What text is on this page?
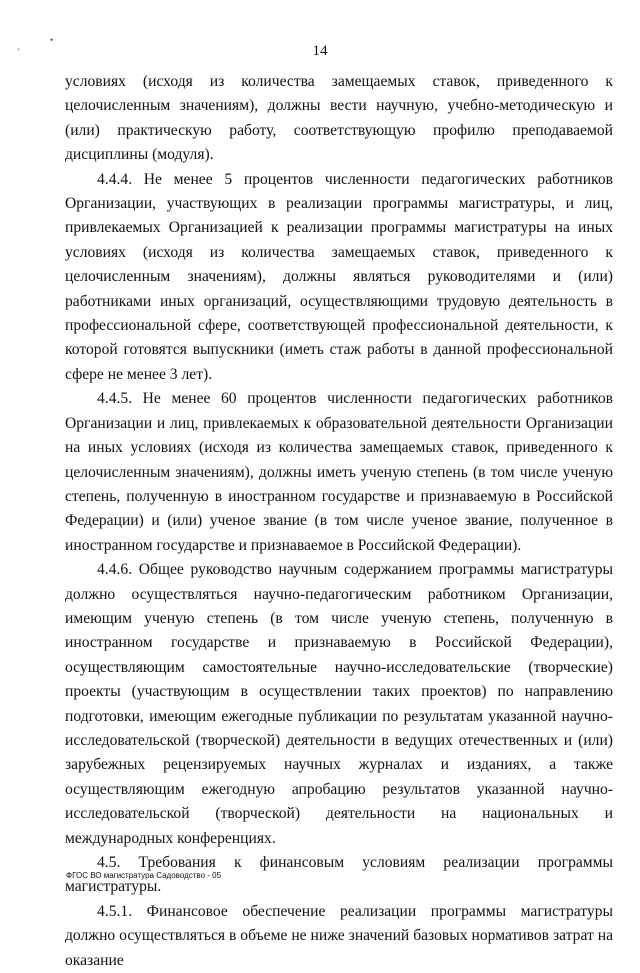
•
'	14

условиях (исходя из количества замещаемых ставок, приведенного к целочисленным значениям), должны вести научную, учебно-методическую и (или) практическую работу, соответствующую профилю преподаваемой дисциплины (модуля).

4.4.4. Не менее 5 процентов численности педагогических работников Организации, участвующих в реализации программы магистратуры, и лиц, привлекаемых Организацией к реализации программы магистратуры на иных условиях (исходя из количества замещаемых ставок, приведенного к целочисленным значениям), должны являться руководителями и (или) работниками иных организаций, осуществляющими трудовую деятельность в профессиональной сфере, соответствующей профессиональной деятельности, к которой готовятся выпускники (иметь стаж работы в данной профессиональной сфере не менее 3 лет).

4.4.5. Не менее 60 процентов численности педагогических работников Организации и лиц, привлекаемых к образовательной деятельности Организации на иных условиях (исходя из количества замещаемых ставок, приведенного к целочисленным значениям), должны иметь ученую степень (в том числе ученую степень, полученную в иностранном государстве и признаваемую в Российской Федерации) и (или) ученое звание (в том числе ученое звание, полученное в иностранном государстве и признаваемое в Российской Федерации).

4.4.6. Общее руководство научным содержанием программы магистратуры должно осуществляться научно-педагогическим работником Организации, имеющим ученую степень (в том числе ученую степень, полученную в иностранном государстве и признаваемую в Российской Федерации), осуществляющим самостоятельные научно-исследовательские (творческие) проекты (участвующим в осуществлении таких проектов) по направлению подготовки, имеющим ежегодные публикации по результатам указанной научно-исследовательской (творческой) деятельности в ведущих отечественных и (или) зарубежных рецензируемых научных журналах и изданиях, а также осуществляющим ежегодную апробацию результатов указанной научно-исследовательской (творческой) деятельности на национальных и международных конференциях.

4.5. Требования к финансовым условиям реализации программы магистратуры.

4.5.1. Финансовое обеспечение реализации программы магистратуры должно осуществляться в объеме не ниже значений базовых нормативов затрат на оказание

ФГОС ВО магистратура Садоводство - 05
